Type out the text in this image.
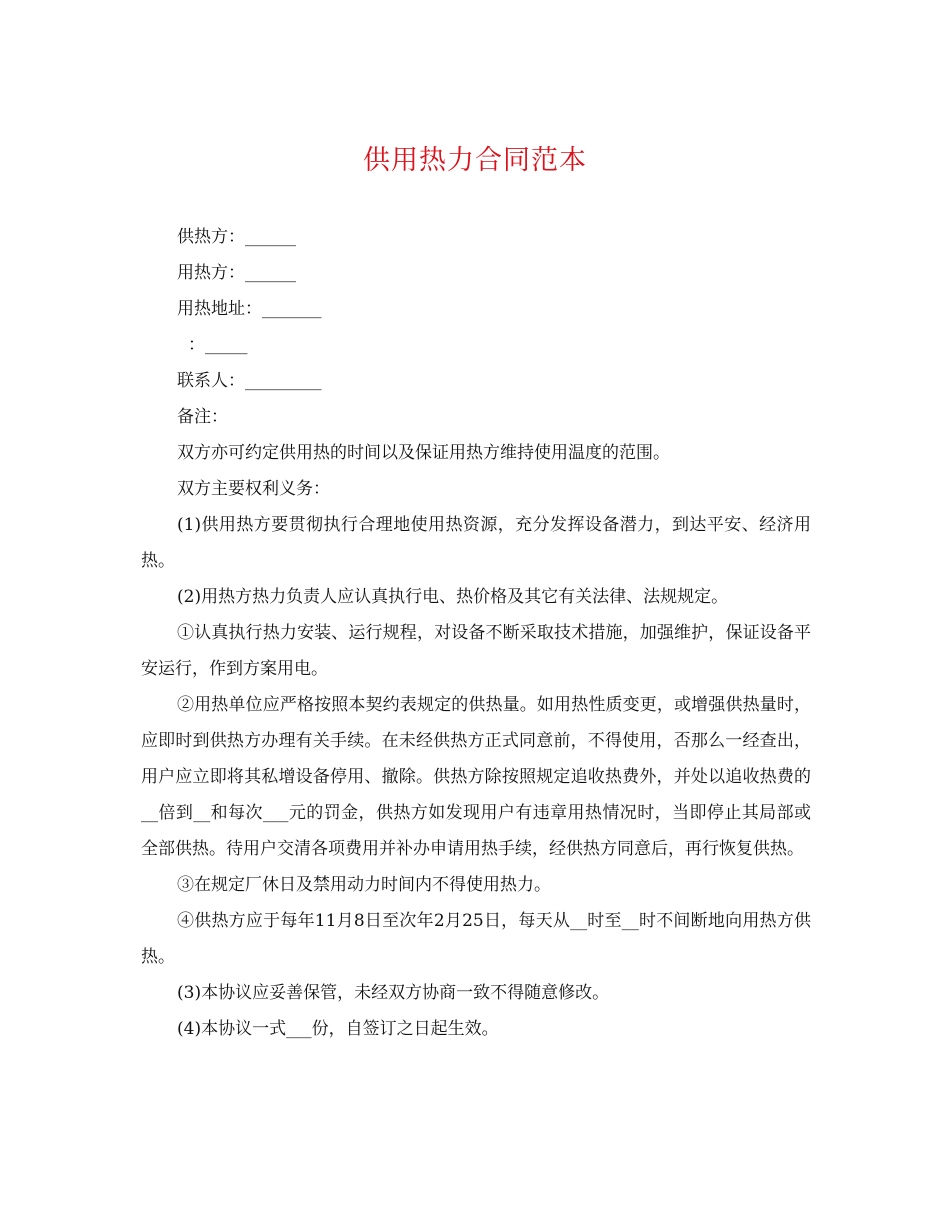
供用热力合同范本
供热方：______
用热方：______
用热地址：_______
：_____
联系人：_________
备注：

双方亦可约定供用热的时间以及保证用热方维持使用温度的范围。

双方主要权利义务：

(1)供用热方要贯彻执行合理地使用热资源，充分发挥设备潜力，到达平安、经济用热。

(2)用热方热力负责人应认真执行电、热价格及其它有关法律、法规规定。

①认真执行热力安装、运行规程，对设备不断采取技术措施，加强维护，保证设备平安运行，作到方案用电。

②用热单位应严格按照本契约表规定的供热量。如用热性质变更，或增强供热量时，应即时到供热方办理有关手续。在未经供热方正式同意前，不得使用，否那么一经查出，用户应立即将其私增设备停用、撤除。供热方除按照规定追收热费外，并处以追收热费的__倍到__和每次___元的罚金，供热方如发现用户有违章用热情况时，当即停止其局部或全部供热。待用户交清各项费用并补办申请用热手续，经供热方同意后，再行恢复供热。

③在规定厂休日及禁用动力时间内不得使用热力。

④供热方应于每年11月8日至次年2月25日，每天从__时至__时不间断地向用热方供热。

(3)本协议应妥善保管，未经双方协商一致不得随意修改。

(4)本协议一式___份，自签订之日起生效。
